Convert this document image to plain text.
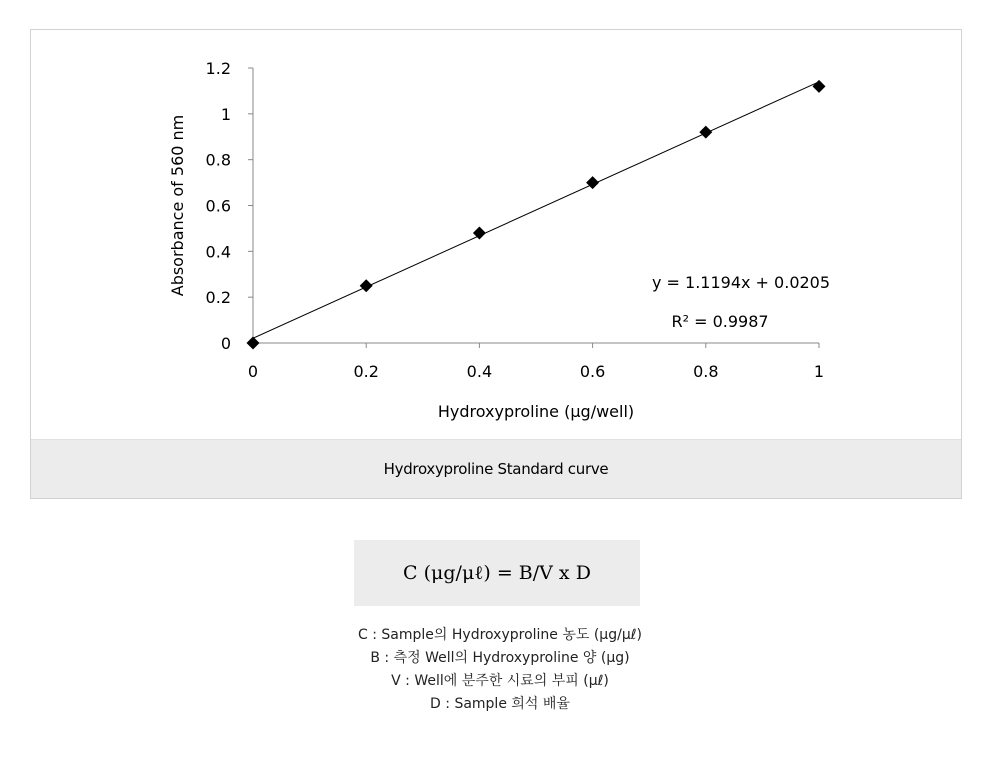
0
0.2
0.4
0.6
0.8
1
1.2
0	0.2	0.4	0.6	0.8	1
Hydroxyproline (μg/well)
Absorbance of 560 nm	y = 1.1194x + 0.0205
R² = 0.9987
Hydroxyproline Standard curve
C (μg/μℓ) = B/V x D
C : Sample의 Hydroxyproline 농도 (μg/μℓ)
B : 측정 Well의 Hydroxyproline 양 (μg)
V : Well에 분주한 시료의 부피 (μℓ)
D : Sample 희석 배율
